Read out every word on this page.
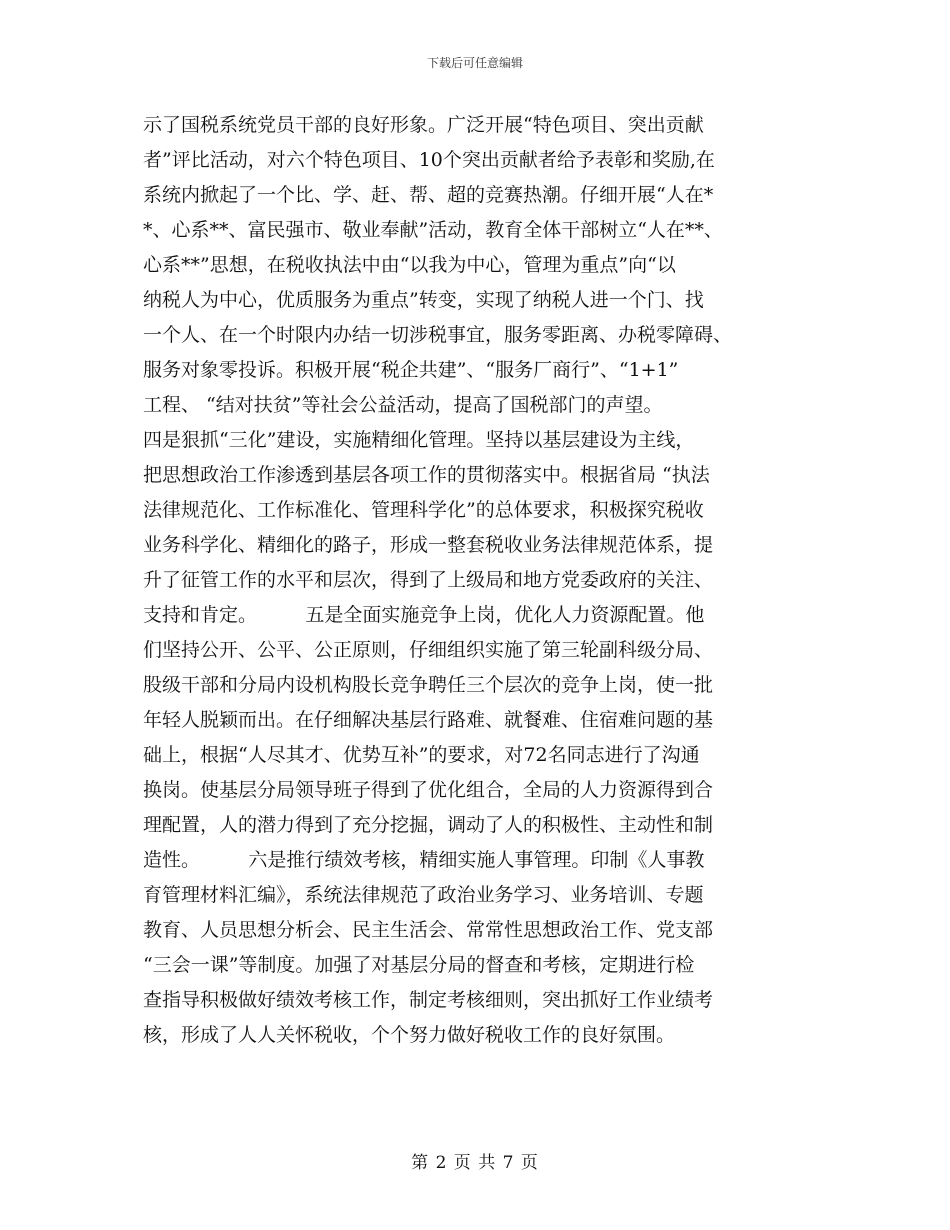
下载后可任意编辑
示了国税系统党员干部的良好形象。广泛开展“特色项目、突出贡献
者”评比活动，对六个特色项目、10个突出贡献者给予表彰和奖励,在
系统内掀起了一个比、学、赶、帮、超的竞赛热潮。仔细开展“人在*
*、心系**、富民强市、敬业奉献”活动，教育全体干部树立“人在**、
心系**”思想，在税收执法中由“以我为中心，管理为重点”向“以
纳税人为中心，优质服务为重点”转变，实现了纳税人进一个门、找
一个人、在一个时限内办结一切涉税事宜，服务零距离、办税零障碍、
服务对象零投诉。积极开展“税企共建”、“服务厂商行”、“1+1”
工程、 “结对扶贫”等社会公益活动，提高了国税部门的声望。
四是狠抓“三化”建设，实施精细化管理。坚持以基层建设为主线，
把思想政治工作渗透到基层各项工作的贯彻落实中。根据省局 “执法
法律规范化、工作标准化、管理科学化”的总体要求，积极探究税收
业务科学化、精细化的路子，形成一整套税收业务法律规范体系，提
升了征管工作的水平和层次，得到了上级局和地方党委政府的关注、
支持和肯定。        五是全面实施竞争上岗，优化人力资源配置。他
们坚持公开、公平、公正原则，仔细组织实施了第三轮副科级分局、
股级干部和分局内设机构股长竞争聘任三个层次的竞争上岗，使一批
年轻人脱颖而出。在仔细解决基层行路难、就餐难、住宿难问题的基
础上，根据“人尽其才、优势互补”的要求，对72名同志进行了沟通
换岗。使基层分局领导班子得到了优化组合，全局的人力资源得到合
理配置，人的潜力得到了充分挖掘，调动了人的积极性、主动性和制
造性。        六是推行绩效考核，精细实施人事管理。印制《人事教
育管理材料汇编》，系统法律规范了政治业务学习、业务培训、专题
教育、人员思想分析会、民主生活会、常常性思想政治工作、党支部
“三会一课”等制度。加强了对基层分局的督查和考核，定期进行检
查指导积极做好绩效考核工作，制定考核细则，突出抓好工作业绩考
核，形成了人人关怀税收，个个努力做好税收工作的良好氛围。
第 2 页 共 7 页
